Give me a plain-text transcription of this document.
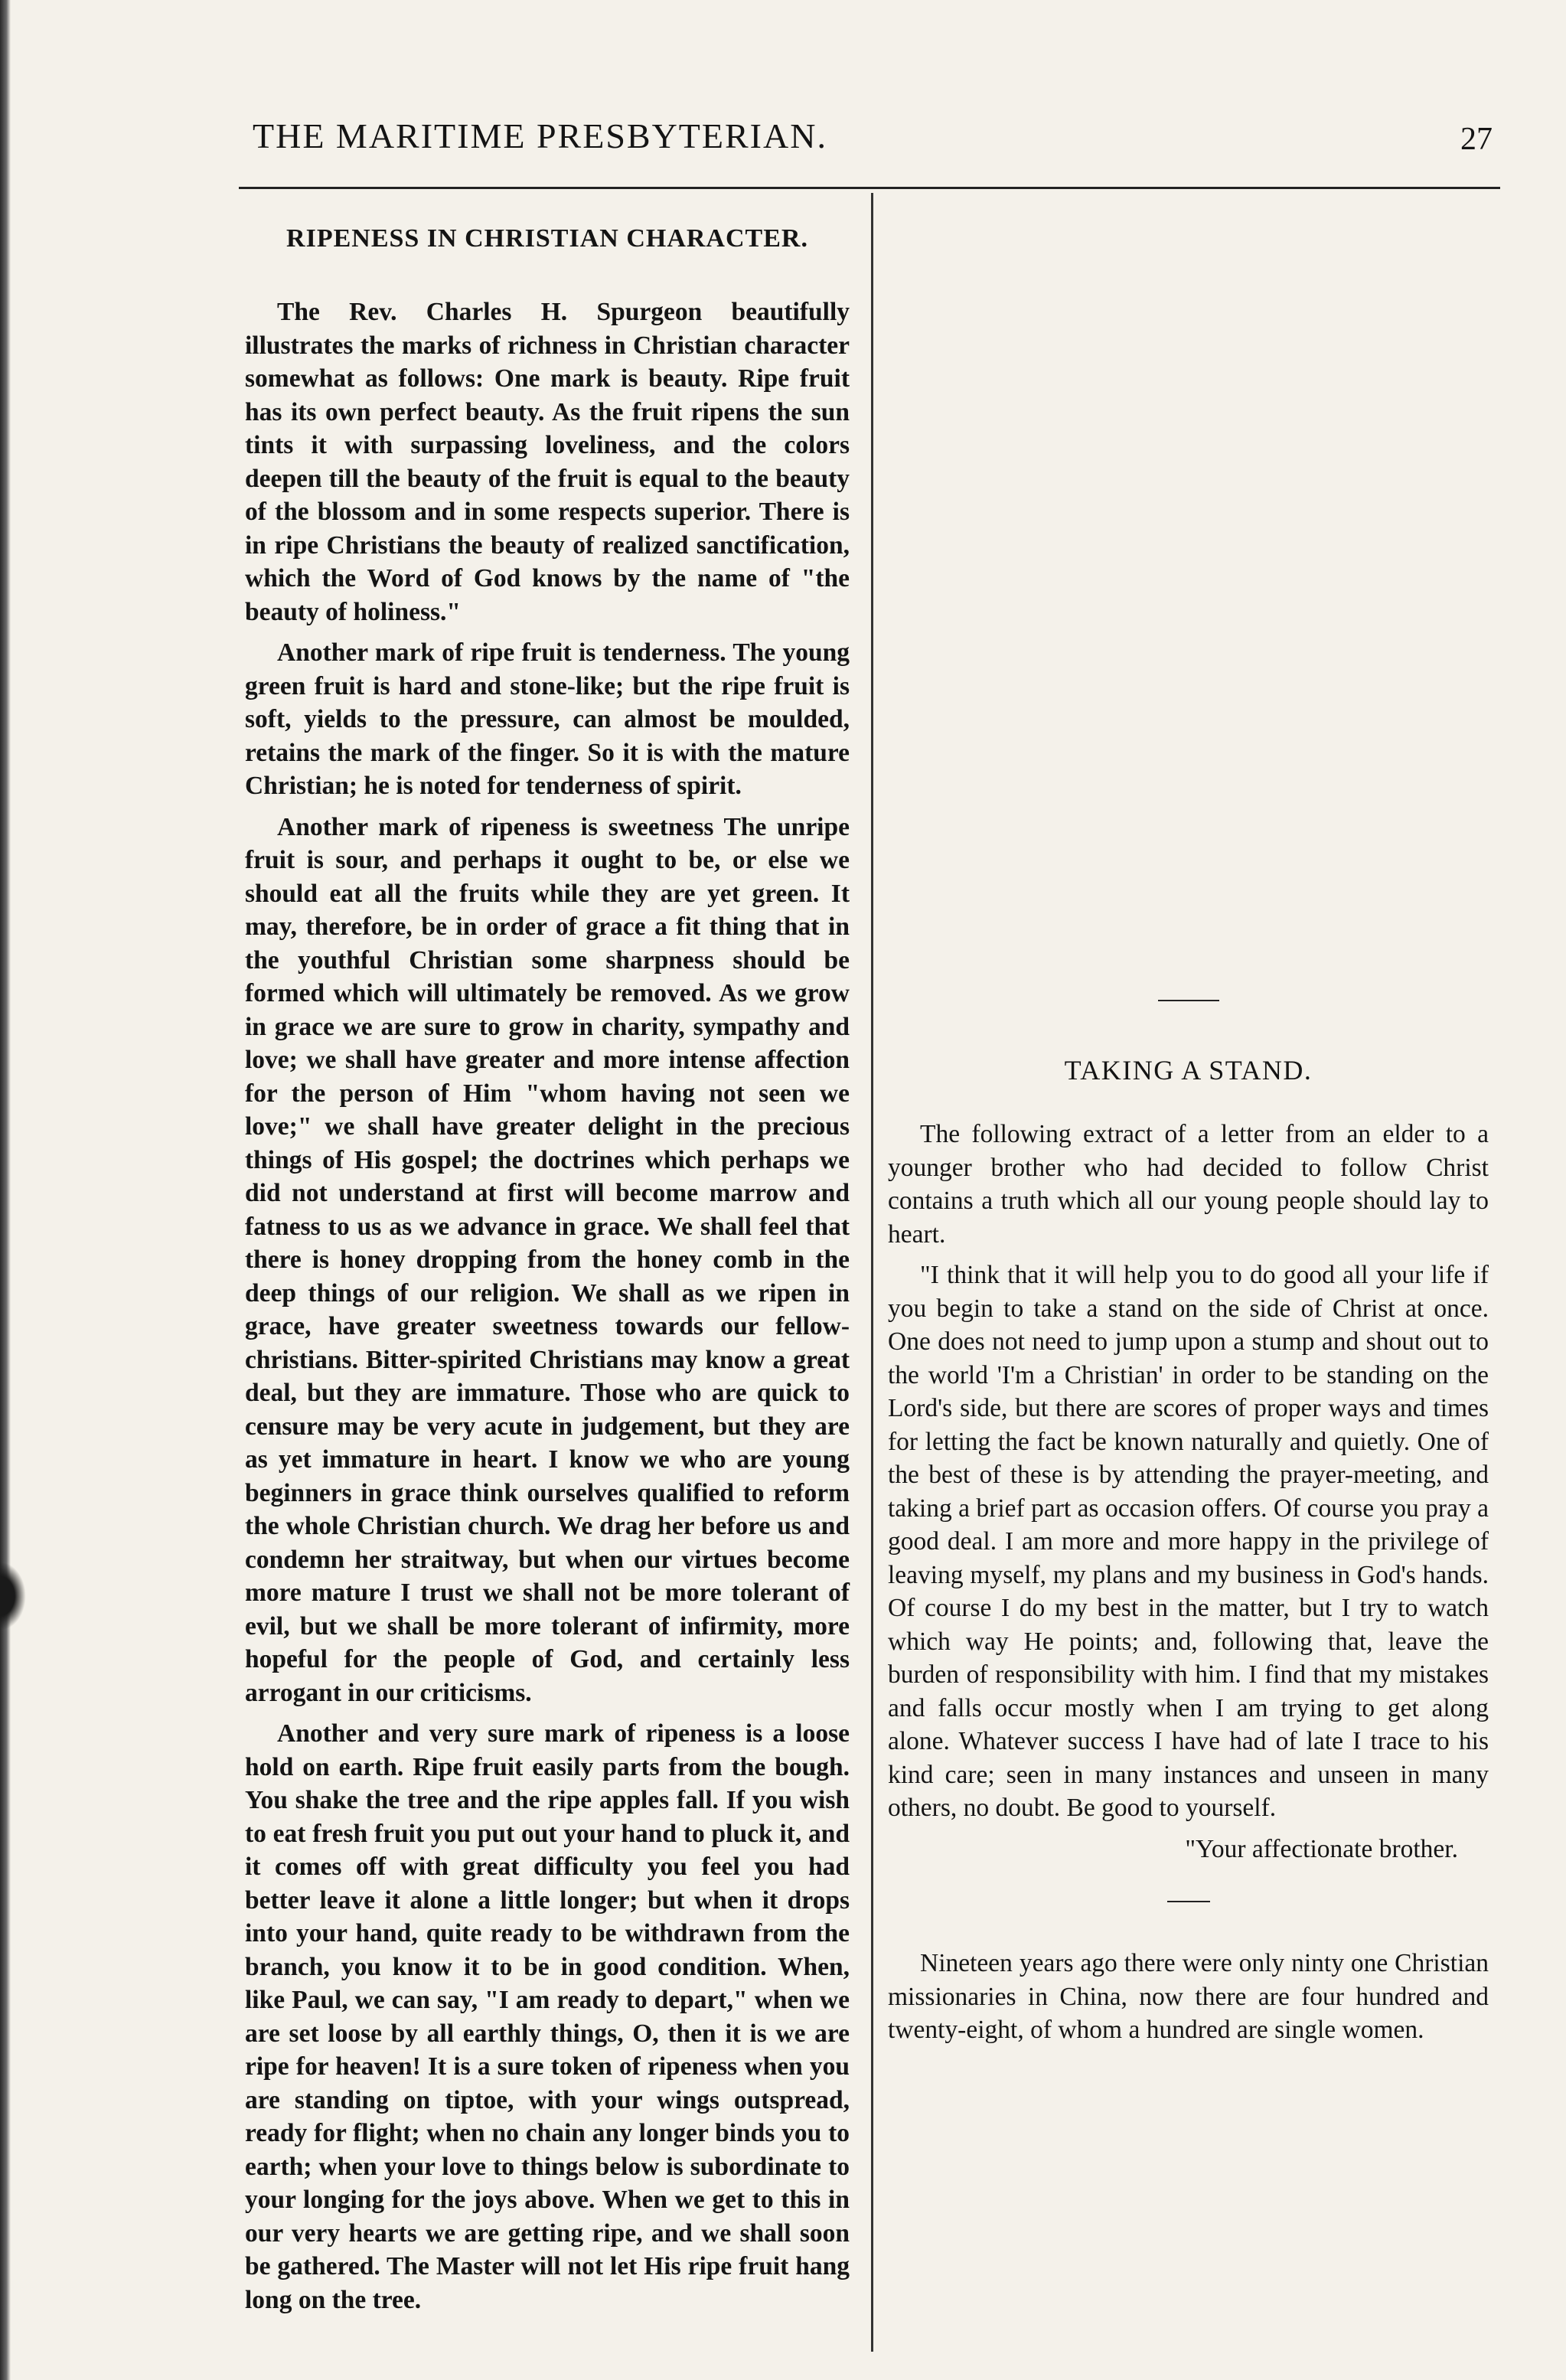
THE MARITIME PRESBYTERIAN.	27
RIPENESS IN CHRISTIAN CHARACTER.

The Rev. Charles H. Spurgeon beautifully illustrates the marks of richness in Christian character somewhat as follows: One mark is beauty. Ripe fruit has its own perfect beauty. As the fruit ripens the sun tints it with surpassing loveliness, and the colors deepen till the beauty of the fruit is equal to the beauty of the blossom and in some respects superior. There is in ripe Christians the beauty of realized sanctification, which the Word of God knows by the name of "the beauty of holiness."

Another mark of ripe fruit is tenderness. The young green fruit is hard and stone-like; but the ripe fruit is soft, yields to the pressure, can almost be moulded, retains the mark of the finger. So it is with the mature Christian; he is noted for tenderness of spirit.

Another mark of ripeness is sweetness The unripe fruit is sour, and perhaps it ought to be, or else we should eat all the fruits while they are yet green. It may, therefore, be in order of grace a fit thing that in the youthful Christian some sharpness should be formed which will ultimately be removed. As we grow in grace we are sure to grow in charity, sympathy and love; we shall have greater and more intense affection for the person of Him "whom having not seen we love;" we shall have greater delight in the precious things of His gospel; the doctrines which perhaps we did not understand at first will become marrow and fatness to us as we advance in grace. We shall feel that there is honey dropping from the honey comb in the deep things of our religion. We shall as we ripen in grace, have greater sweetness towards our fellow-christians. Bitter-spirited Christians may know a great deal, but they are immature. Those who are quick to censure may be very acute in judgement, but they are as yet immature in heart. I know we who are young beginners in grace think ourselves qualified to reform the whole Christian church. We drag her before us and condemn her straitway, but when our virtues become more mature I trust we shall not be more tolerant of evil, but we shall be more tolerant of infirmity, more hopeful for the people of God, and certainly less arrogant in our criticisms.

Another and very sure mark of ripeness is a loose hold on earth. Ripe fruit easily parts from the bough. You shake the tree and the ripe apples fall. If you wish to eat fresh fruit you put out your hand to pluck it, and it comes off with great difficulty you feel you had better leave it alone a little longer; but when it drops into your hand, quite ready to be withdrawn from the branch, you know it to be in good condition. When, like Paul, we can say, "I am ready to depart," when we are set loose by all earthly things, O, then it is we are ripe for heaven! It is a sure token of ripeness when you are standing on tiptoe, with your wings outspread, ready for flight; when no chain any longer binds you to earth; when your love to things below is subordinate to your longing for the joys above. When we get to this in our very hearts we are getting ripe, and we shall soon be gathered. The Master will not let His ripe fruit hang long on the tree.

TAKING A STAND.

The following extract of a letter from an elder to a younger brother who had decided to follow Christ contains a truth which all our young people should lay to heart.

"I think that it will help you to do good all your life if you begin to take a stand on the side of Christ at once. One does not need to jump upon a stump and shout out to the world 'I'm a Christian' in order to be standing on the Lord's side, but there are scores of proper ways and times for letting the fact be known naturally and quietly. One of the best of these is by attending the prayer-meeting, and taking a brief part as occasion offers. Of course you pray a good deal. I am more and more happy in the privilege of leaving myself, my plans and my business in God's hands. Of course I do my best in the matter, but I try to watch which way He points; and, following that, leave the burden of responsibility with him. I find that my mistakes and falls occur mostly when I am trying to get along alone. Whatever success I have had of late I trace to his kind care; seen in many instances and unseen in many others, no doubt. Be good to yourself.

"Your affectionate brother.

Nineteen years ago there were only ninty one Christian missionaries in China, now there are four hundred and twenty-eight, of whom a hundred are single women.
